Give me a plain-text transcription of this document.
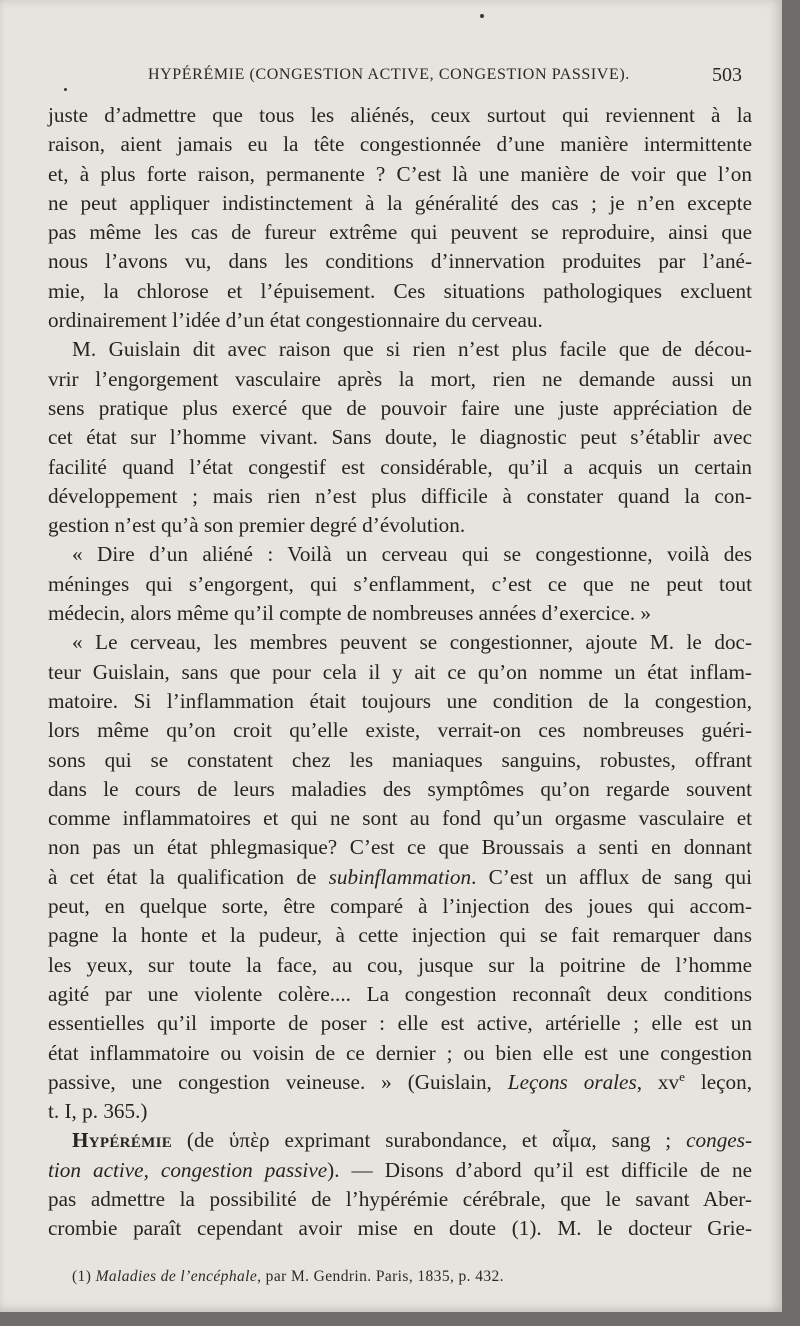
HYPÉRÉMIE (CONGESTION ACTIVE, CONGESTION PASSIVE).	503

juste d’admettre que tous les aliénés, ceux surtout qui reviennent à la

raison, aient jamais eu la tête congestionnée d’une manière intermittente

et, à plus forte raison, permanente ? C’est là une manière de voir que l’on

ne peut appliquer indistinctement à la généralité des cas ; je n’en excepte

pas même les cas de fureur extrême qui peuvent se reproduire, ainsi que

nous l’avons vu, dans les conditions d’innervation produites par l’ané-

mie, la chlorose et l’épuisement. Ces situations pathologiques excluent

ordinairement l’idée d’un état congestionnaire du cerveau.

M. Guislain dit avec raison que si rien n’est plus facile que de décou-

vrir l’engorgement vasculaire après la mort, rien ne demande aussi un

sens pratique plus exercé que de pouvoir faire une juste appréciation de

cet état sur l’homme vivant. Sans doute, le diagnostic peut s’établir avec

facilité quand l’état congestif est considérable, qu’il a acquis un certain

développement ; mais rien n’est plus difficile à constater quand la con-

gestion n’est qu’à son premier degré d’évolution.

« Dire d’un aliéné : Voilà un cerveau qui se congestionne, voilà des

méninges qui s’engorgent, qui s’enflamment, c’est ce que ne peut tout

médecin, alors même qu’il compte de nombreuses années d’exercice. »

« Le cerveau, les membres peuvent se congestionner, ajoute M. le doc-

teur Guislain, sans que pour cela il y ait ce qu’on nomme un état inflam-

matoire. Si l’inflammation était toujours une condition de la congestion,

lors même qu’on croit qu’elle existe, verrait-on ces nombreuses guéri-

sons qui se constatent chez les maniaques sanguins, robustes, offrant

dans le cours de leurs maladies des symptômes qu’on regarde souvent

comme inflammatoires et qui ne sont au fond qu’un orgasme vasculaire et

non pas un état phlegmasique? C’est ce que Broussais a senti en donnant

à cet état la qualification de subinflammation. C’est un afflux de sang qui

peut, en quelque sorte, être comparé à l’injection des joues qui accom-

pagne la honte et la pudeur, à cette injection qui se fait remarquer dans

les yeux, sur toute la face, au cou, jusque sur la poitrine de l’homme

agité par une violente colère.... La congestion reconnaît deux conditions

essentielles qu’il importe de poser : elle est active, artérielle ; elle est un

état inflammatoire ou voisin de ce dernier ; ou bien elle est une congestion

passive, une congestion veineuse. » (Guislain, Leçons orales, $xv^e$ leçon,

t. I, p. 365.)

Hypérémie (de ὑπὲρ exprimant surabondance, et αἷμα, sang ; conges-

tion active, congestion passive). — Disons d’abord qu’il est difficile de ne

pas admettre la possibilité de l’hypérémie cérébrale, que le savant Aber-

crombie paraît cependant avoir mise en doute (1). M. le docteur Grie-

(1) Maladies de l’encéphale, par M. Gendrin. Paris, 1835, p. 432.
